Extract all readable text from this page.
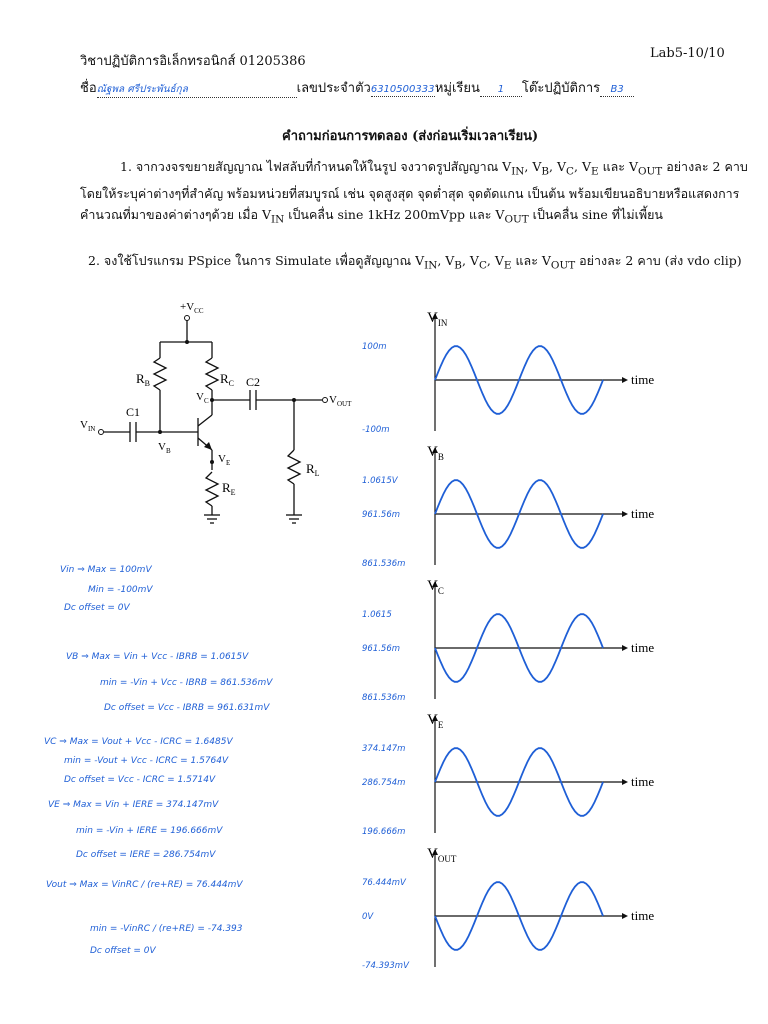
วิชาปฏิบัติการอิเล็กทรอนิกส์ 01205386
Lab5-10/10
ชื่อณัฐพล ศรีประพันธ์กุล	เลขประจำตัว6310500333หมู่เรียน 1 โต๊ะปฏิบัติการ B3
คำถามก่อนการทดลอง (ส่งก่อนเริ่มเวลาเรียน)
1. จากวงจรขยายสัญญาณ ไฟสลับที่กำหนดให้ในรูป จงวาดรูปสัญญาณ $V_{IN}$, $V_B$, $V_C$, $V_E$ และ $V_{OUT}$ อย่างละ 2 คาบ
โดยให้ระบุค่าต่างๆที่สำคัญ พร้อมหน่วยที่สมบูรณ์ เช่น จุดสูงสุด จุดต่ำสุด จุดตัดแกน เป็นต้น พร้อมเขียนอธิบายหรือแสดงการ
คำนวณที่มาของค่าต่างๆด้วย เมื่อ $V_{IN}$ เป็นคลื่น sine 1kHz 200mVpp และ $V_{OUT}$ เป็นคลื่น sine ที่ไม่เพี้ยน
2. จงใช้โปรแกรม PSpice ในการ Simulate เพื่อดูสัญญาณ $V_{IN}$, $V_B$, $V_C$, $V_E$ และ $V_{OUT}$ อย่างละ 2 คาบ (ส่ง vdo clip)
$+V_{CC}$
$R_B$	$R_C$ C2
$V_C$	$V_{OUT}$
C1
$V_{IN}$
$V_B$
$V_E$
$R_E$
$R_L$
Vin ⇒ Max = 100mV
Min = -100mV
Dc offset = 0V
VB ⇒ Max = Vin + Vcc - IBRB = 1.0615V
min = -Vin + Vcc - IBRB = 861.536mV
Dc offset = Vcc - IBRB = 961.631mV
VC ⇒ Max = Vout + Vcc - ICRC = 1.6485V
min = -Vout + Vcc - ICRC = 1.5764V
Dc offset = Vcc - ICRC = 1.5714V
VE ⇒ Max = Vin + IERE = 374.147mV
min = -Vin + IERE = 196.666mV
Dc offset = IERE = 286.754mV
Vout ⇒ Max = VinRC / (re+RE) = 76.444mV
min = -VinRC / (re+RE) = -74.393
Dc offset = 0V
$V_{IN}$
time
100m
-100m
$V_B$
time
1.0615V
961.56m
861.536m
$V_C$
time
1.0615
961.56m
861.536m
$V_E$
time
374.147m
286.754m
196.666m
$V_{OUT}$
time
76.444mV
0V
-74.393mV
